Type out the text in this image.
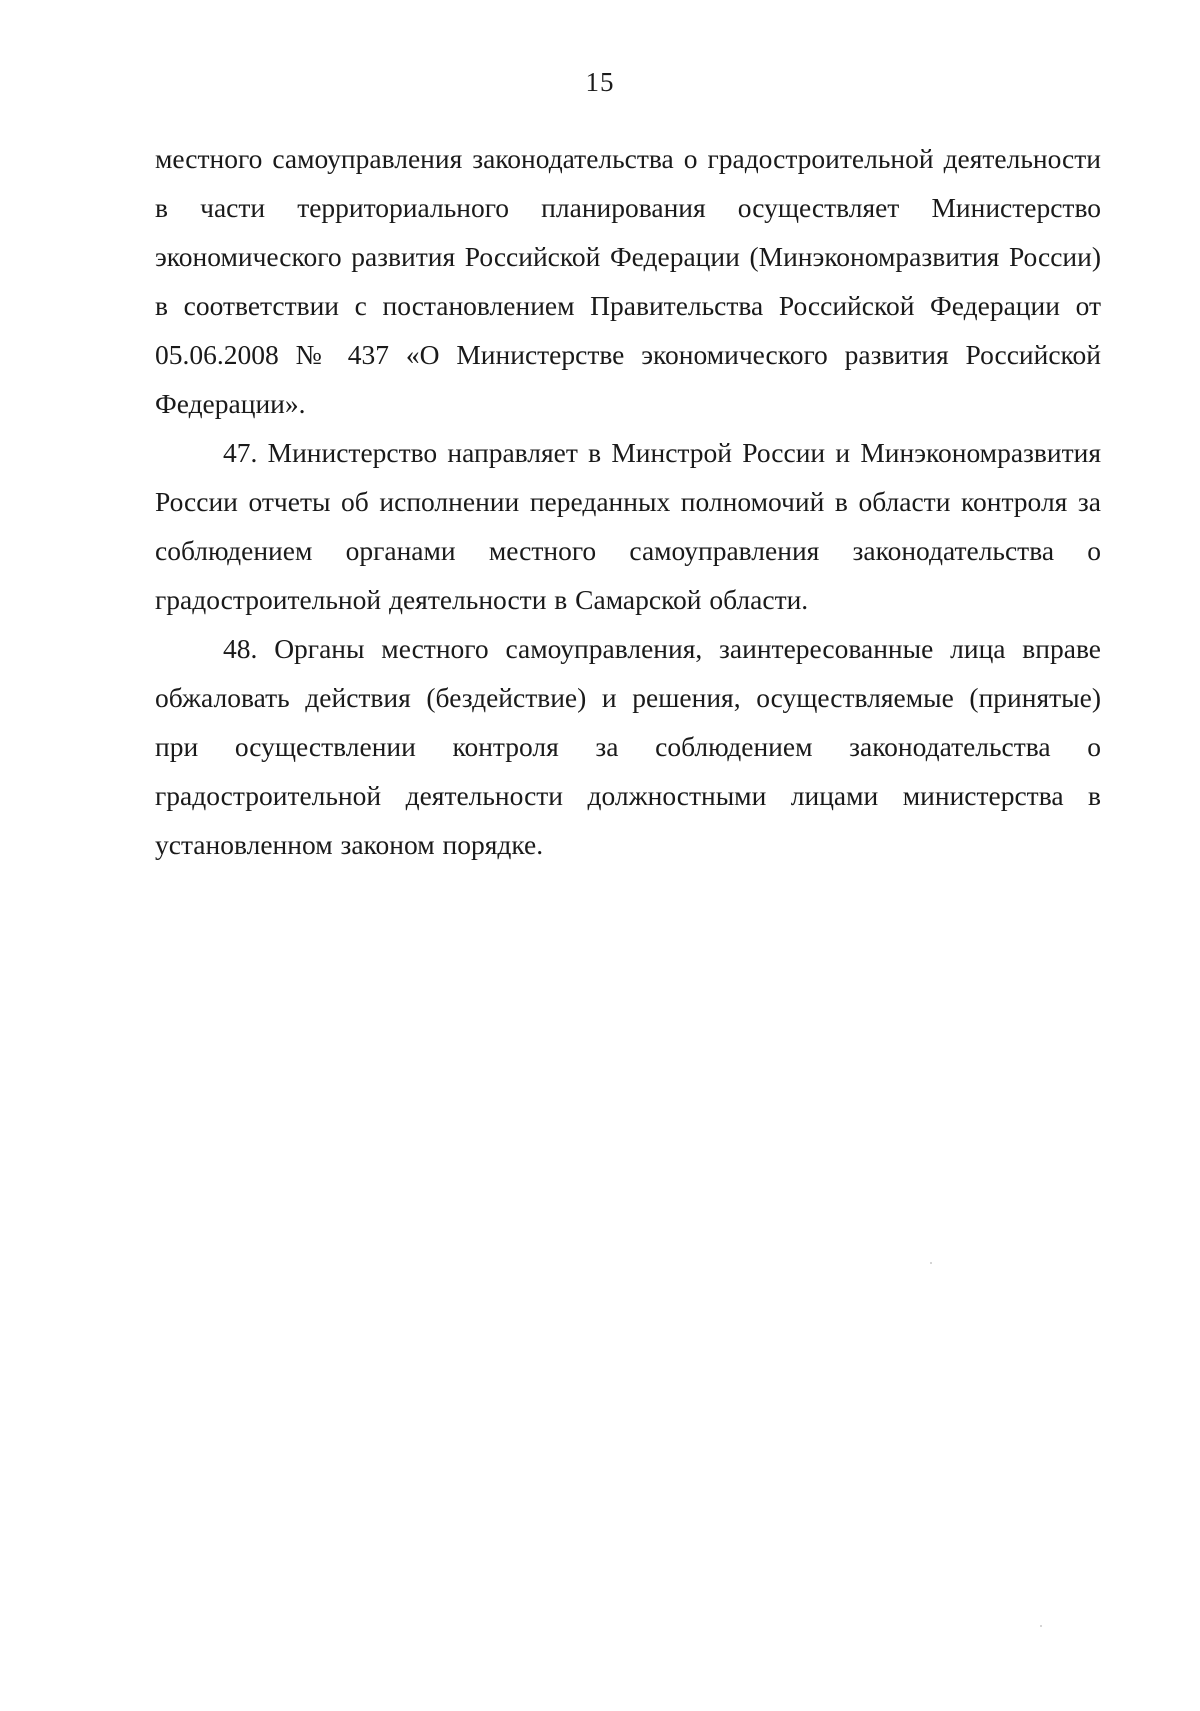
15

местного самоуправления законодательства о градостроительной деятельности в части территориального планирования осуществляет Министерство экономического развития Российской Федерации (Минэкономразвития России) в соответствии с постановлением Правительства Российской Федерации от 05.06.2008 № 437 «О Министерстве экономического развития Российской Федерации».

47. Министерство направляет в Минстрой России и Минэкономразвития России отчеты об исполнении переданных полномочий в области контроля за соблюдением органами местного самоуправления законодательства о градостроительной деятельности в Самарской области.

48. Органы местного самоуправления, заинтересованные лица вправе обжаловать действия (бездействие) и решения, осуществляемые (принятые) при осуществлении контроля за соблюдением законодательства о градостроительной деятельности должностными лицами министерства в установленном законом порядке.
